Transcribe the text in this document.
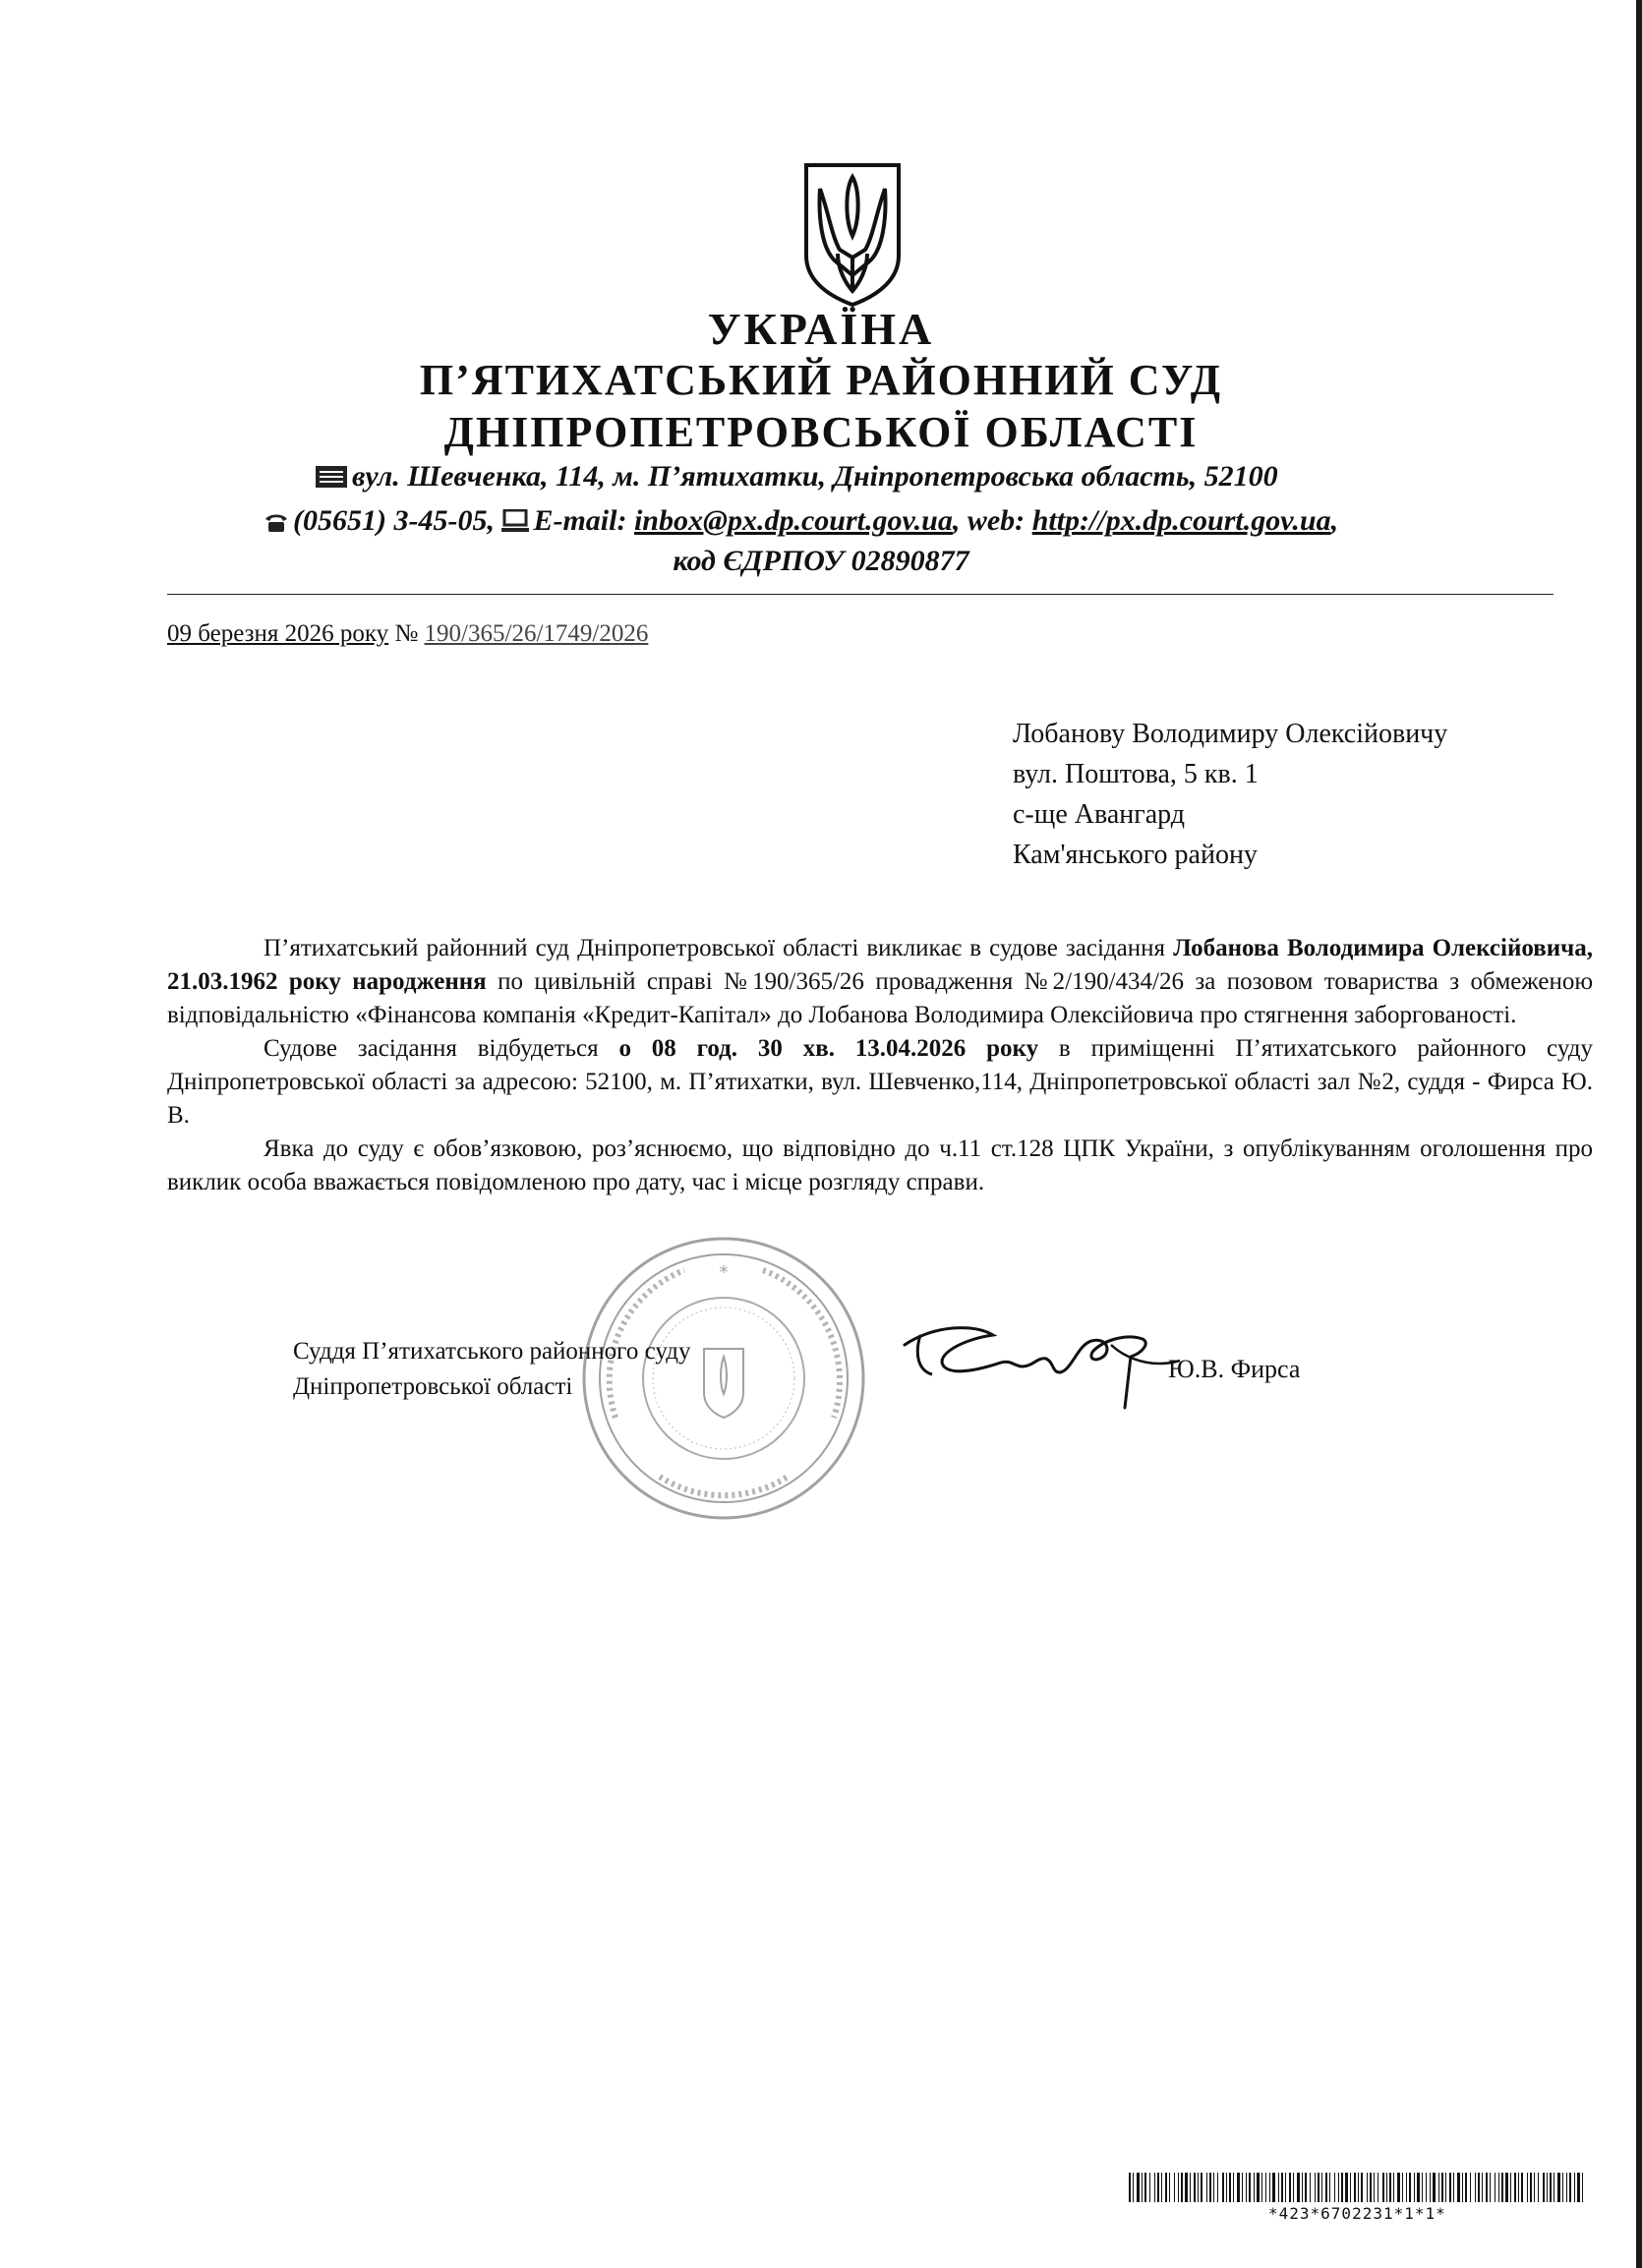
УКРАЇНА
П’ЯТИХАТСЬКИЙ РАЙОННИЙ СУД
ДНІПРОПЕТРОВСЬКОЇ ОБЛАСТІ
вул. Шевченка, 114, м. П’ятихатки, Дніпропетровська область, 52100
(05651) 3-45-05, E-mail: inbox@px.dp.court.gov.ua, web: http://px.dp.court.gov.ua,
код ЄДРПОУ 02890877
09 березня 2026 року № 190/365/26/1749/2026
Лобанову Володимиру Олексійовичу
вул. Поштова, 5 кв. 1
с-ще Авангард
Кам'янського району

П’ятихатський районний суд Дніпропетровської області викликає в судове засідання Лобанова Володимира Олексійовича, 21.03.1962 року народження по цивільній справі №190/365/26 провадження №2/190/434/26 за позовом товариства з обмеженою відповідальністю «Фінансова компанія «Кредит-Капітал» до Лобанова Володимира Олексійовича про стягнення заборгованості.

Судове засідання відбудеться о 08 год. 30 хв. 13.04.2026 року в приміщенні П’ятихатського районного суду Дніпропетровської області за адресою: 52100, м. П’ятихатки, вул. Шевченко,114, Дніпропетровської області зал №2, суддя - Фирса Ю. В.

Явка до суду є обов’язковою, роз’яснюємо, що відповідно до ч.11 ст.128 ЦПК України, з опублікуванням оголошення про виклик особа вважається повідомленою про дату, час і місце розгляду справи.

*
Суддя П’ятихатського районного суду
Дніпропетровської області
Ю.В. Фирса
*423*6702231*1*1*
